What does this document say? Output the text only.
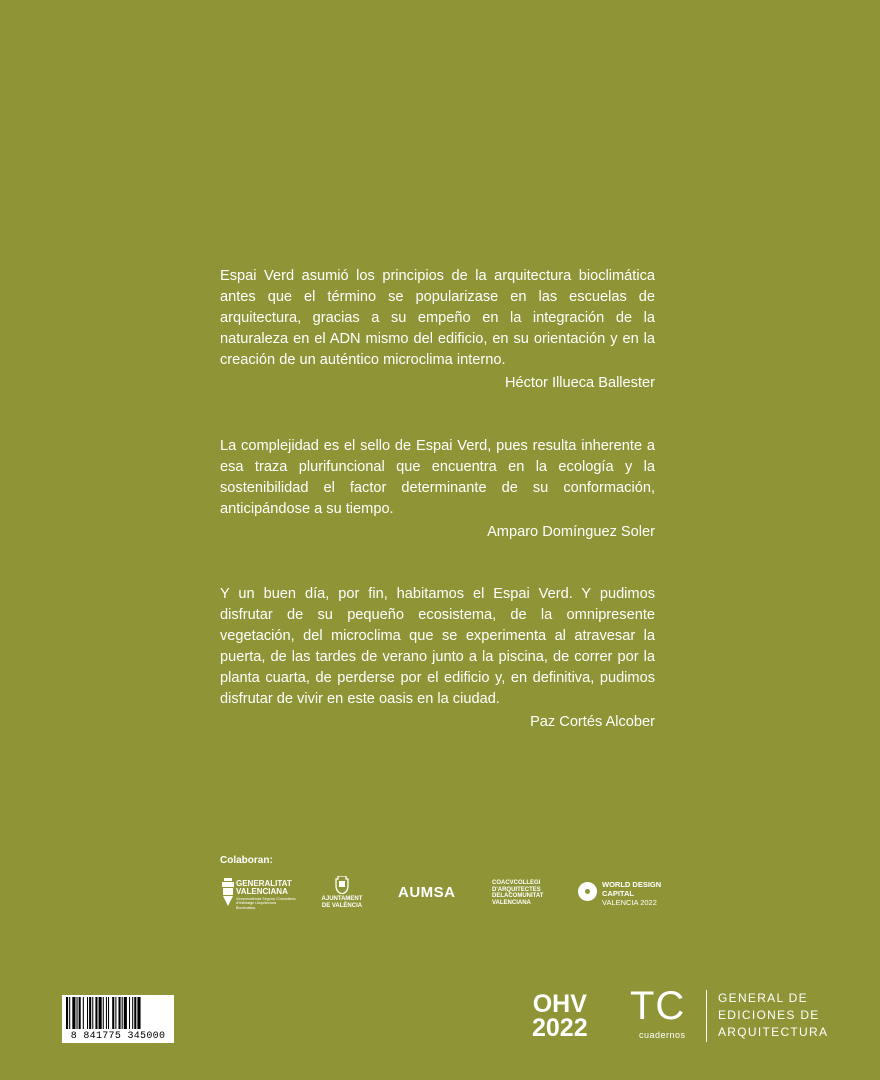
Espai Verd asumió los principios de la arquitectura bioclimática antes que el término se popularizase en las escuelas de arquitectura, gracias a su empeño en la integración de la naturaleza en el ADN mismo del edificio, en su orientación y en la creación de un auténtico microclima interno.

Héctor Illueca Ballester

La complejidad es el sello de Espai Verd, pues resulta inherente a esa traza plurifuncional que encuentra en la ecología y la sostenibilidad el factor determinante de su conformación, anticipándose a su tiempo.

Amparo Domínguez Soler

Y un buen día, por fin, habitamos el Espai Verd. Y pudimos disfrutar de su pequeño ecosistema, de la omnipresente vegetación, del microclima que se experimenta al atravesar la puerta, de las tardes de verano junto a la piscina, de correr por la planta cuarta, de perderse por el edificio y, en definitiva, pudimos disfrutar de vivir en este oasis en la ciudad.

Paz Cortés Alcober
Colaboran:
GENERALITAT
VALENCIANA
Vicepresidència Segona i Conselleria d'Habitatge i Arquitectura Bioclimàtica
AJUNTAMENT
DE VALÈNCIA
AUMSA
COACVCOLLEGI
D'ARQUITECTES
DELACOMUNITAT
VALENCIANA
WORLD DESIGN
CAPITAL
VALENCIA 2022
8 841775 345000
OHV
2022 TC
cuadernos
GENERAL DE
EDICIONES DE
ARQUITECTURA
